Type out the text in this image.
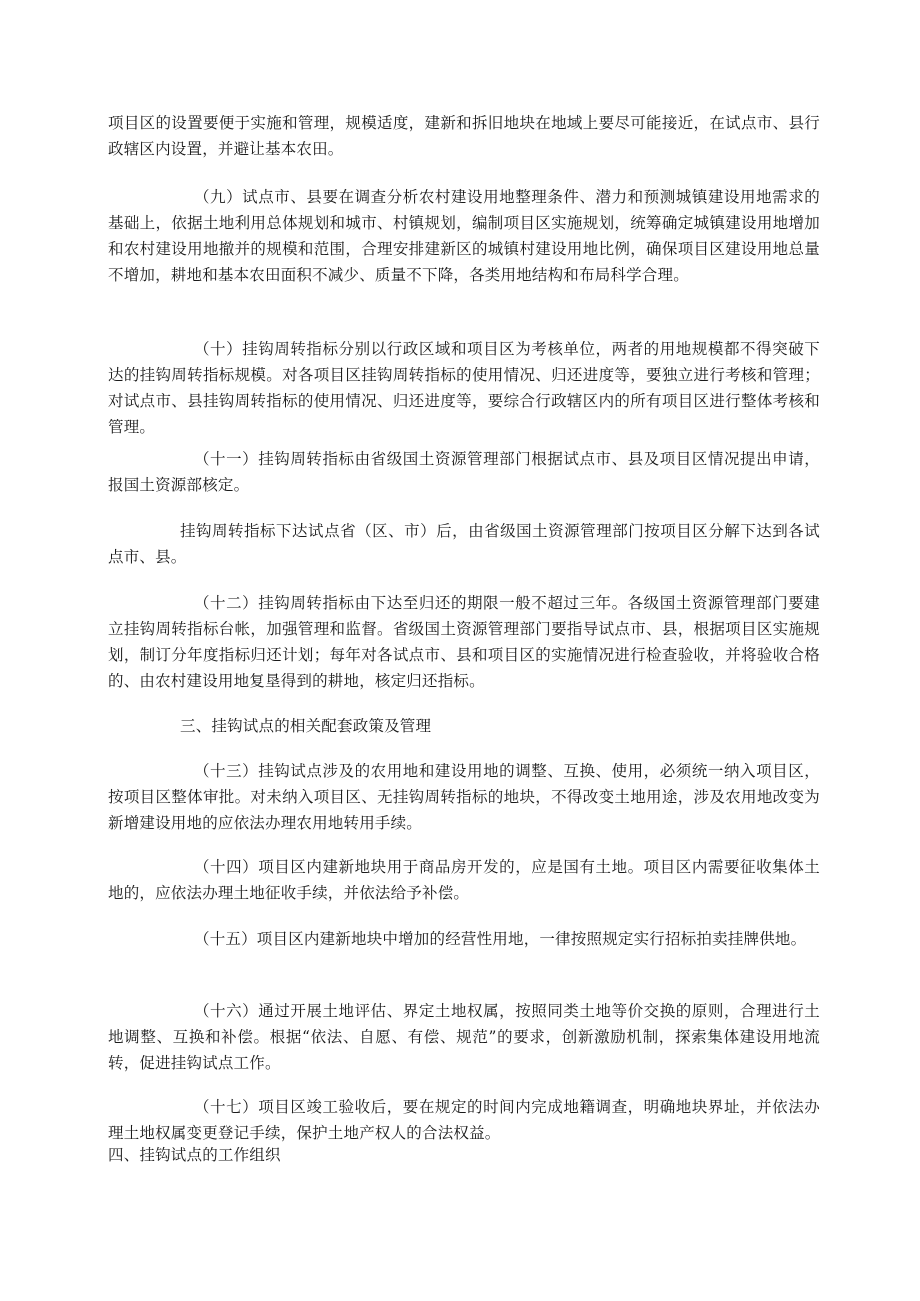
项目区的设置要便于实施和管理，规模适度，建新和拆旧地块在地域上要尽可能接近，在试点市、县行政辖区内设置，并避让基本农田。

（九）试点市、县要在调查分析农村建设用地整理条件、潜力和预测城镇建设用地需求的基础上，依据土地利用总体规划和城市、村镇规划，编制项目区实施规划，统筹确定城镇建设用地增加和农村建设用地撤并的规模和范围，合理安排建新区的城镇村建设用地比例，确保项目区建设用地总量不增加，耕地和基本农田面积不减少、质量不下降，各类用地结构和布局科学合理。

（十）挂钩周转指标分别以行政区域和项目区为考核单位，两者的用地规模都不得突破下达的挂钩周转指标规模。对各项目区挂钩周转指标的使用情况、归还进度等，要独立进行考核和管理；对试点市、县挂钩周转指标的使用情况、归还进度等，要综合行政辖区内的所有项目区进行整体考核和管理。

（十一）挂钩周转指标由省级国土资源管理部门根据试点市、县及项目区情况提出申请，报国土资源部核定。

挂钩周转指标下达试点省（区、市）后，由省级国土资源管理部门按项目区分解下达到各试点市、县。

（十二）挂钩周转指标由下达至归还的期限一般不超过三年。各级国土资源管理部门要建立挂钩周转指标台帐，加强管理和监督。省级国土资源管理部门要指导试点市、县，根据项目区实施规划，制订分年度指标归还计划；每年对各试点市、县和项目区的实施情况进行检查验收，并将验收合格的、由农村建设用地复垦得到的耕地，核定归还指标。

三、挂钩试点的相关配套政策及管理

（十三）挂钩试点涉及的农用地和建设用地的调整、互换、使用，必须统一纳入项目区，按项目区整体审批。对未纳入项目区、无挂钩周转指标的地块，不得改变土地用途，涉及农用地改变为新增建设用地的应依法办理农用地转用手续。

（十四）项目区内建新地块用于商品房开发的，应是国有土地。项目区内需要征收集体土地的，应依法办理土地征收手续，并依法给予补偿。

（十五）项目区内建新地块中增加的经营性用地，一律按照规定实行招标拍卖挂牌供地。

（十六）通过开展土地评估、界定土地权属，按照同类土地等价交换的原则，合理进行土地调整、互换和补偿。根据“依法、自愿、有偿、规范”的要求，创新激励机制，探索集体建设用地流转，促进挂钩试点工作。

（十七）项目区竣工验收后，要在规定的时间内完成地籍调查，明确地块界址，并依法办理土地权属变更登记手续，保护土地产权人的合法权益。

四、挂钩试点的工作组织
